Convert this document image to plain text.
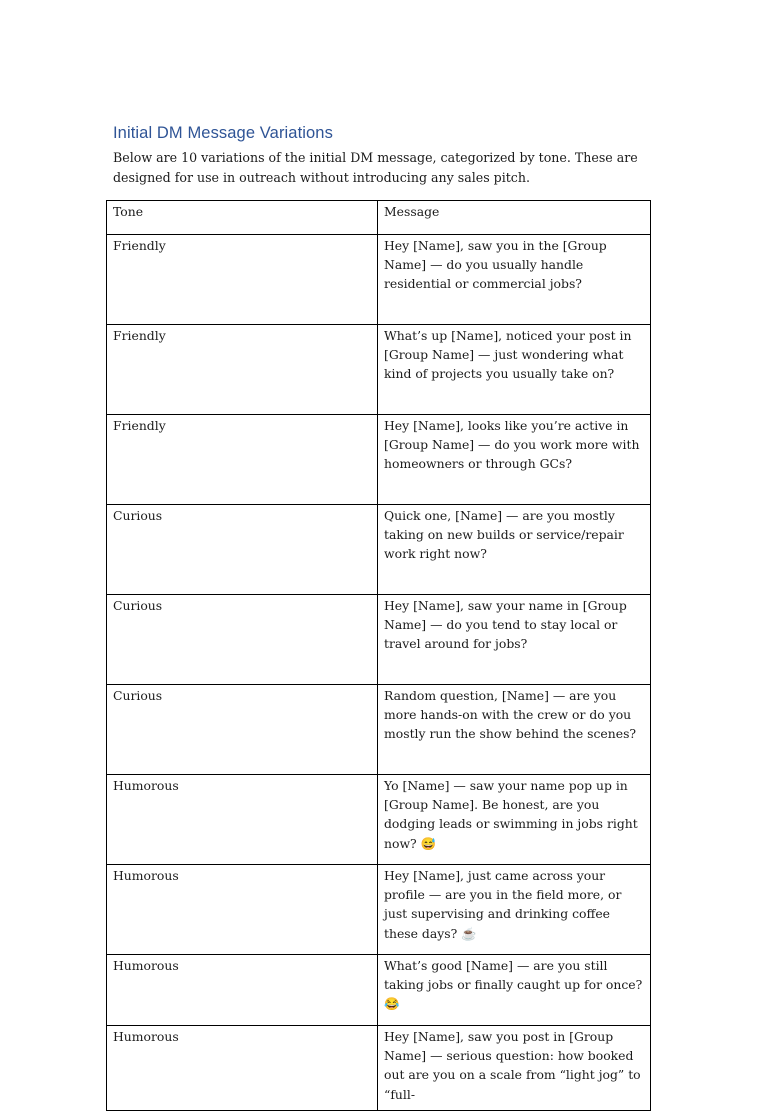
Initial DM Message Variations

Below are 10 variations of the initial DM message, categorized by tone. These are designed for use in outreach without introducing any sales pitch.

Tone	Message
Friendly	Hey [Name], saw you in the [Group Name] — do you usually handle residential or commercial jobs?
Friendly	What’s up [Name], noticed your post in [Group Name] — just wondering what kind of projects you usually take on?
Friendly	Hey [Name], looks like you’re active in [Group Name] — do you work more with homeowners or through GCs?
Curious	Quick one, [Name] — are you mostly taking on new builds or service/repair work right now?
Curious	Hey [Name], saw your name in [Group Name] — do you tend to stay local or travel around for jobs?
Curious	Random question, [Name] — are you more hands-on with the crew or do you mostly run the show behind the scenes?
Humorous	Yo [Name] — saw your name pop up in [Group Name]. Be honest, are you dodging leads or swimming in jobs right now? 😅
Humorous	Hey [Name], just came across your profile — are you in the field more, or just supervising and drinking coffee these days? ☕
Humorous	What’s good [Name] — are you still taking jobs or finally caught up for once? 😂
Humorous	Hey [Name], saw you post in [Group Name] — serious question: how booked out are you on a scale from “light jog” to “full-
